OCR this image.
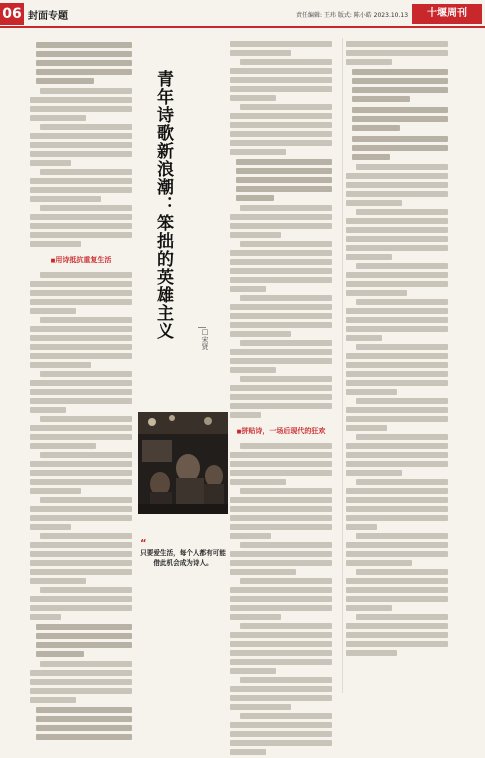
06 封面专题	责任编辑: 王玮 版式: 陈小皓 2023.10.13	十堰周刊
■ 用诗抵抗重复生活	青年诗歌新浪潮：笨拙的英雄主义	□宋贤
“
只要爱生活，每个人都有可能借此机会成为诗人。
■ 拼贴诗，一场后现代的狂欢
